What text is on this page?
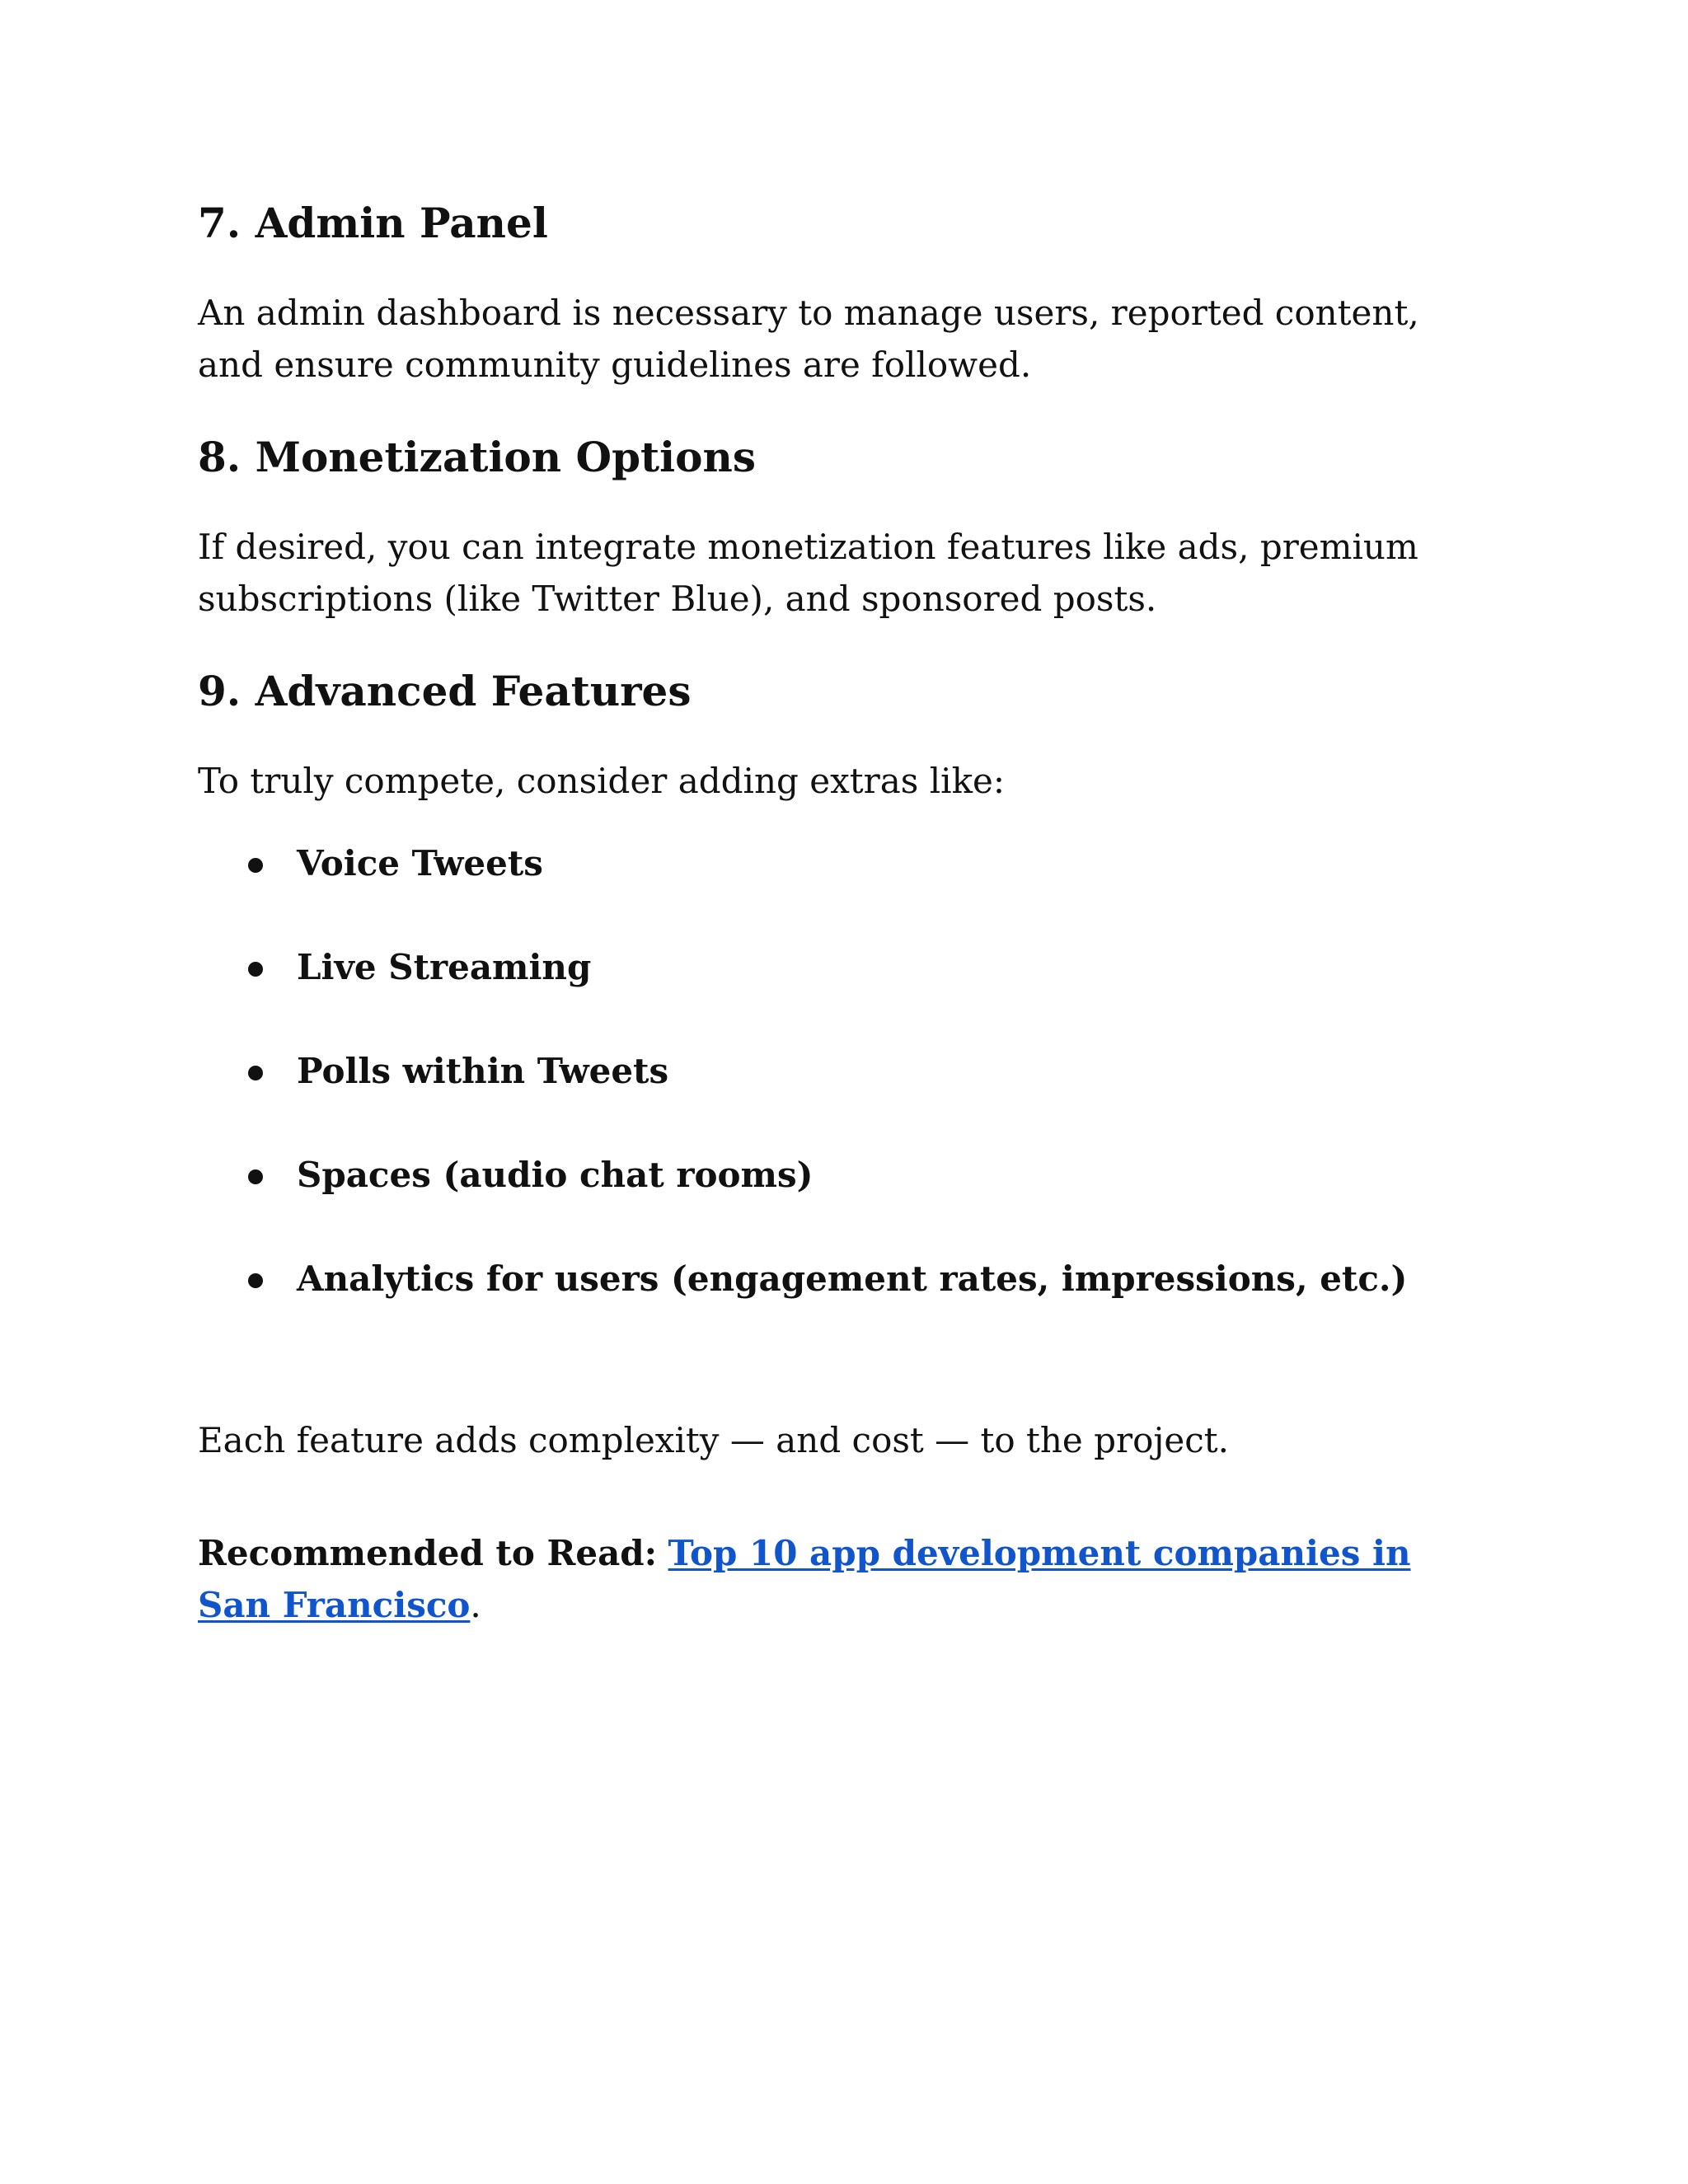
7. Admin Panel

An admin dashboard is necessary to manage users, reported content, and ensure community guidelines are followed.

8. Monetization Options

If desired, you can integrate monetization features like ads, premium subscriptions (like Twitter Blue), and sponsored posts.

9. Advanced Features

To truly compete, consider adding extras like:

Voice Tweets
Live Streaming
Polls within Tweets
Spaces (audio chat rooms)
Analytics for users (engagement rates, impressions, etc.)

Each feature adds complexity — and cost — to the project.

Recommended to Read: Top 10 app development companies in San Francisco.
